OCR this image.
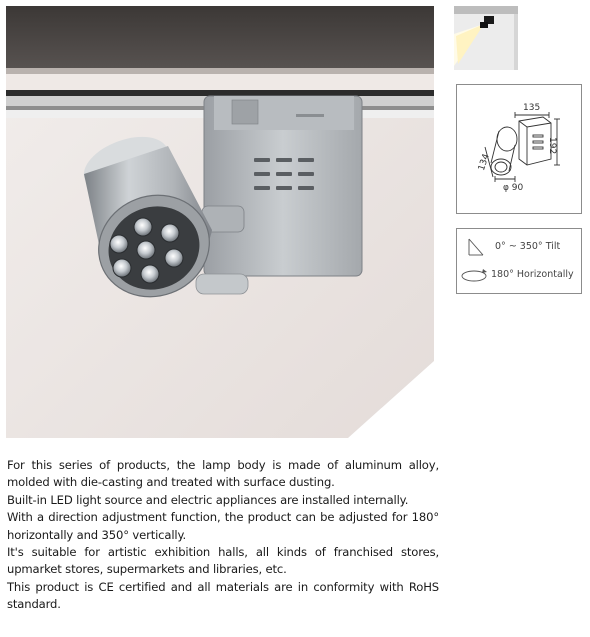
135
192
134
φ 90
0° ~ 350° Tilt
180° Horizontally

For this series of products, the lamp body is made of aluminum alloy, molded with die-casting and treated with surface dusting.

Built-in LED light source and electric appliances are installed internally.

With a direction adjustment function, the product can be adjusted for 180° horizontally and 350° vertically.

It's suitable for artistic exhibition halls, all kinds of franchised stores, upmarket stores, supermarkets and libraries, etc.

This product is CE certified and all materials are in conformity with RoHS standard.
